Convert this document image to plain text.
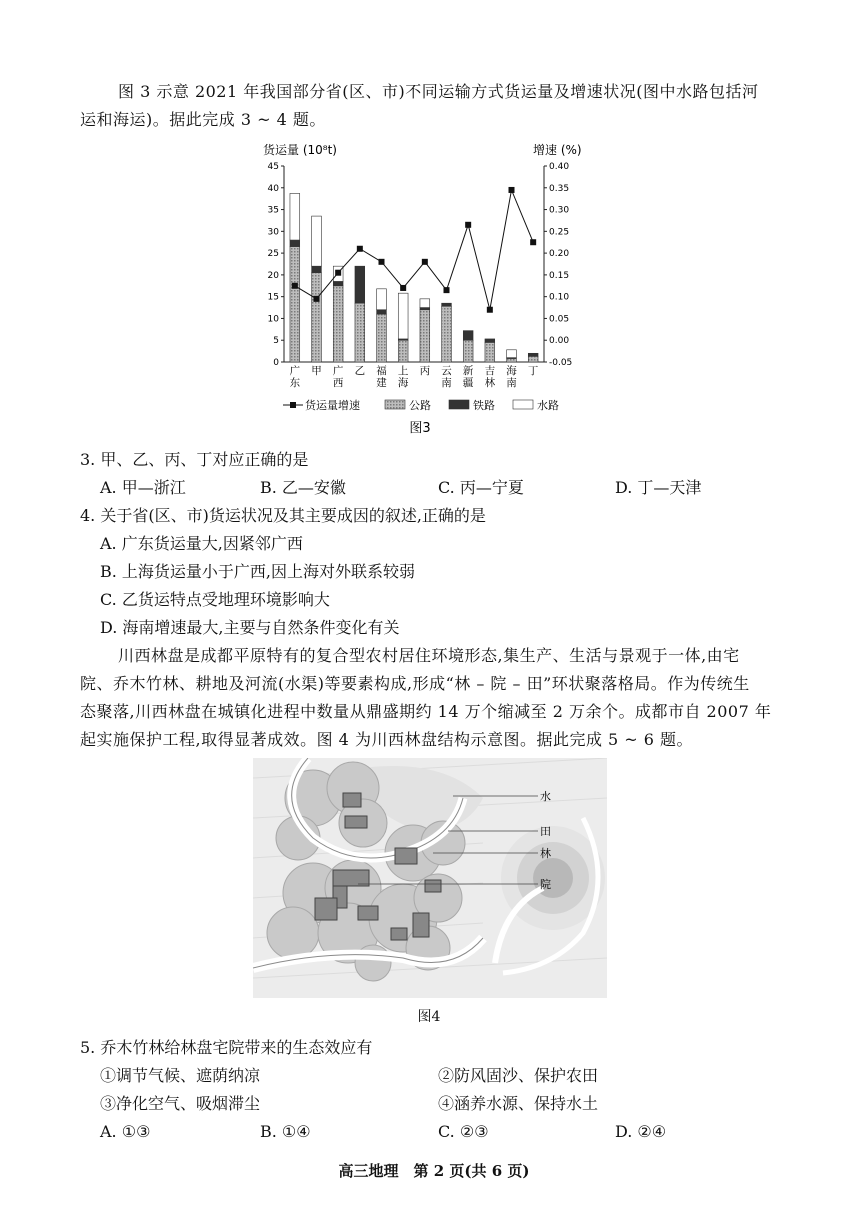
图 3 示意 2021 年我国部分省(区、市)不同运输方式货运量及增速状况(图中水路包括河
运和海运)。据此完成 3 ~ 4 题。
货运量 (10⁸t)	增速 (%)
45
40
35
30
25
20
15
10
5
0
0.40
0.35
0.30
0.25
0.20
0.15
0.10
0.05
0.00
-0.05
广
东
甲 广
西
乙 福
建
上
海
丙 云
南
新
疆
吉
林
海
南
丁
货运量增速	公路	铁路	水路
图3
3. 甲、乙、丙、丁对应正确的是
A. 甲—浙江	B. 乙—安徽	C. 丙—宁夏	D. 丁—天津
4. 关于省(区、市)货运状况及其主要成因的叙述,正确的是
A. 广东货运量大,因紧邻广西
B. 上海货运量小于广西,因上海对外联系较弱
C. 乙货运特点受地理环境影响大
D. 海南增速最大,主要与自然条件变化有关
川西林盘是成都平原特有的复合型农村居住环境形态,集生产、生活与景观于一体,由宅
院、乔木竹林、耕地及河流(水渠)等要素构成,形成“林 – 院 – 田”环状聚落格局。作为传统生
态聚落,川西林盘在城镇化进程中数量从鼎盛期约 14 万个缩减至 2 万余个。成都市自 2007 年
起实施保护工程,取得显著成效。图 4 为川西林盘结构示意图。据此完成 5 ~ 6 题。
水
田
林
院
图4
5. 乔木竹林给林盘宅院带来的生态效应有
①调节气候、遮荫纳凉	②防风固沙、保护农田
③净化空气、吸烟滞尘	④涵养水源、保持水土
A. ①③	B. ①④	C. ②③	D. ②④
高三地理　第 2 页(共 6 页)
